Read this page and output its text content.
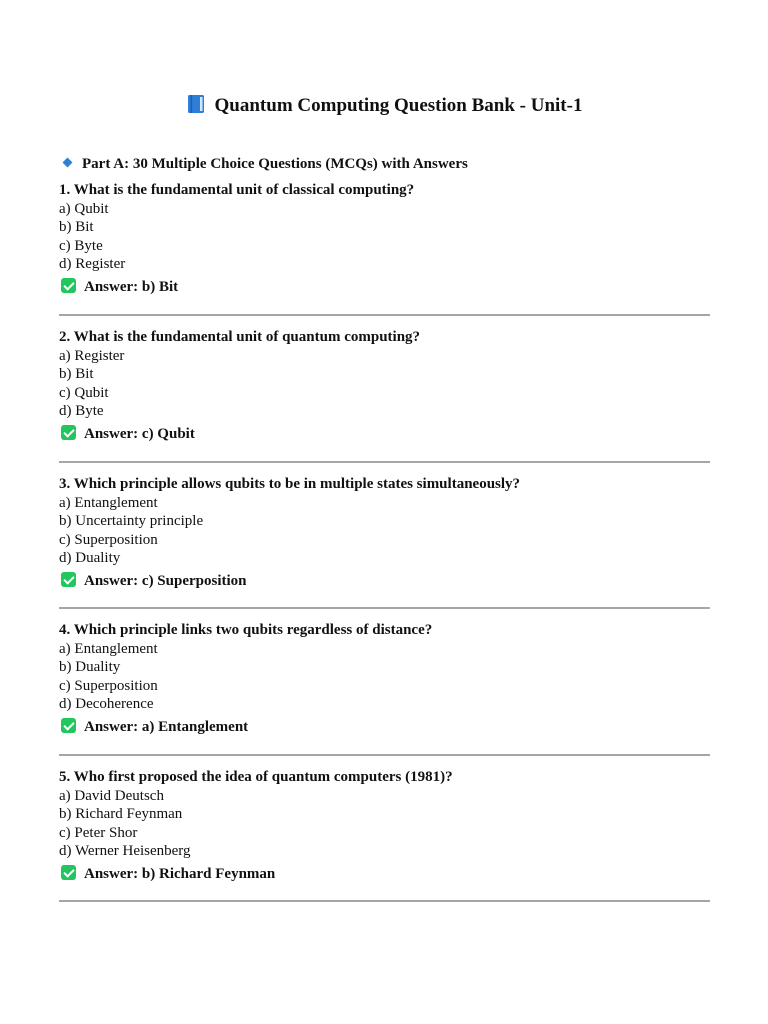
Quantum Computing Question Bank - Unit-1
Part A: 30 Multiple Choice Questions (MCQs) with Answers
1. What is the fundamental unit of classical computing?
a) Qubit
b) Bit
c) Byte
d) Register
Answer: b) Bit
2. What is the fundamental unit of quantum computing?
a) Register
b) Bit
c) Qubit
d) Byte
Answer: c) Qubit
3. Which principle allows qubits to be in multiple states simultaneously?
a) Entanglement
b) Uncertainty principle
c) Superposition
d) Duality
Answer: c) Superposition
4. Which principle links two qubits regardless of distance?
a) Entanglement
b) Duality
c) Superposition
d) Decoherence
Answer: a) Entanglement
5. Who first proposed the idea of quantum computers (1981)?
a) David Deutsch
b) Richard Feynman
c) Peter Shor
d) Werner Heisenberg
Answer: b) Richard Feynman
